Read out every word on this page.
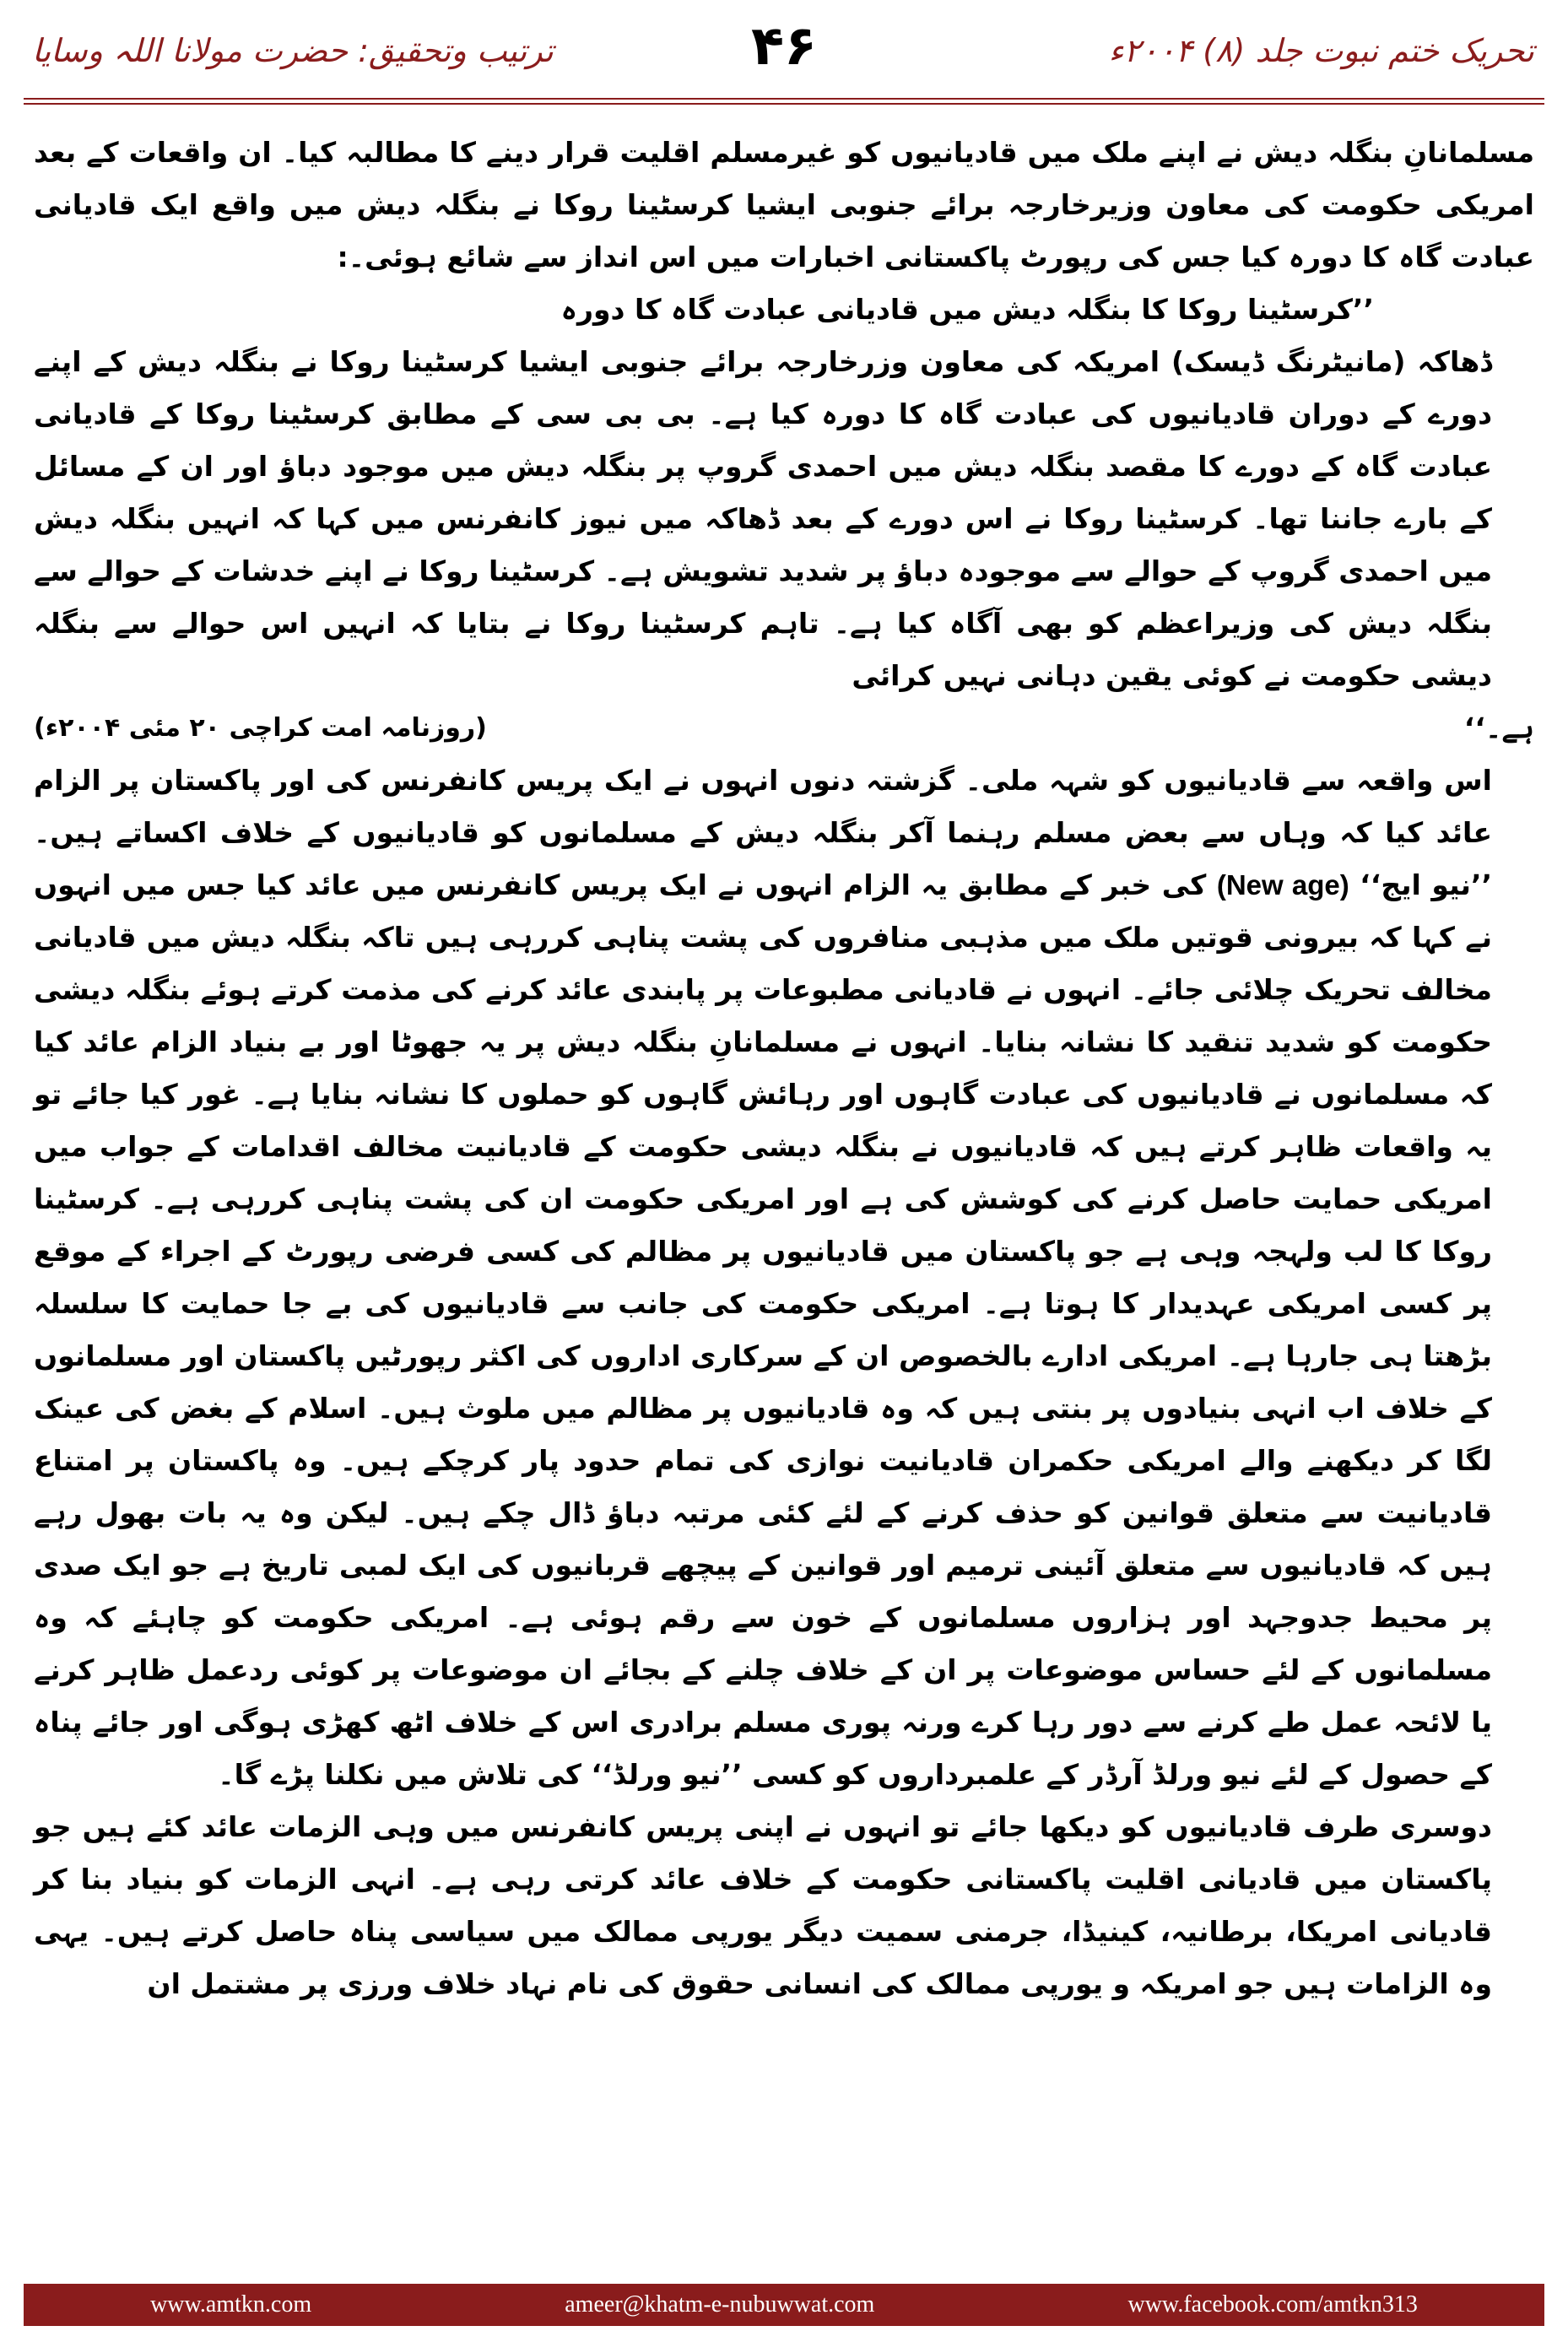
ترتیب وتحقیق: حضرت مولانا اللہ وسایا	۴۶	تحریک ختم نبوت جلد (۸) ۲۰۰۴ء

مسلمانانِ بنگلہ دیش نے اپنے ملک میں قادیانیوں کو غیرمسلم اقلیت قرار دینے کا مطالبہ کیا۔ ان واقعات کے بعد امریکی حکومت کی معاون وزیرخارجہ برائے جنوبی ایشیا کرسٹینا روکا نے بنگلہ دیش میں واقع ایک قادیانی عبادت گاہ کا دورہ کیا جس کی رپورٹ پاکستانی اخبارات میں اس انداز سے شائع ہوئی۔:

’’کرسٹینا روکا کا بنگلہ دیش میں قادیانی عبادت گاہ کا دورہ

ڈھاکہ (مانیٹرنگ ڈیسک) امریکہ کی معاون وزرخارجہ برائے جنوبی ایشیا کرسٹینا روکا نے بنگلہ دیش کے اپنے دورے کے دوران قادیانیوں کی عبادت گاہ کا دورہ کیا ہے۔ بی بی سی کے مطابق کرسٹینا روکا کے قادیانی عبادت گاہ کے دورے کا مقصد بنگلہ دیش میں احمدی گروپ پر بنگلہ دیش میں موجود دباؤ اور ان کے مسائل کے بارے جاننا تھا۔ کرسٹینا روکا نے اس دورے کے بعد ڈھاکہ میں نیوز کانفرنس میں کہا کہ انہیں بنگلہ دیش میں احمدی گروپ کے حوالے سے موجودہ دباؤ پر شدید تشویش ہے۔ کرسٹینا روکا نے اپنے خدشات کے حوالے سے بنگلہ دیش کی وزیراعظم کو بھی آگاہ کیا ہے۔ تاہم کرسٹینا روکا نے بتایا کہ انہیں اس حوالے سے بنگلہ دیشی حکومت نے کوئی یقین دہانی نہیں کرائی

ہے۔‘‘
(روزنامہ امت کراچی ۲۰ مئی ۲۰۰۴ء)

اس واقعہ سے قادیانیوں کو شہہ ملی۔ گزشتہ دنوں انہوں نے ایک پریس کانفرنس کی اور پاکستان پر الزام عائد کیا کہ وہاں سے بعض مسلم رہنما آکر بنگلہ دیش کے مسلمانوں کو قادیانیوں کے خلاف اکساتے ہیں۔ ’’نیو ایج‘‘ (New age) کی خبر کے مطابق یہ الزام انہوں نے ایک پریس کانفرنس میں عائد کیا جس میں انہوں نے کہا کہ بیرونی قوتیں ملک میں مذہبی منافروں کی پشت پناہی کررہی ہیں تاکہ بنگلہ دیش میں قادیانی مخالف تحریک چلائی جائے۔ انہوں نے قادیانی مطبوعات پر پابندی عائد کرنے کی مذمت کرتے ہوئے بنگلہ دیشی حکومت کو شدید تنقید کا نشانہ بنایا۔ انہوں نے مسلمانانِ بنگلہ دیش پر یہ جھوٹا اور بے بنیاد الزام عائد کیا کہ مسلمانوں نے قادیانیوں کی عبادت گاہوں اور رہائش گاہوں کو حملوں کا نشانہ بنایا ہے۔ غور کیا جائے تو یہ واقعات ظاہر کرتے ہیں کہ قادیانیوں نے بنگلہ دیشی حکومت کے قادیانیت مخالف اقدامات کے جواب میں امریکی حمایت حاصل کرنے کی کوشش کی ہے اور امریکی حکومت ان کی پشت پناہی کررہی ہے۔ کرسٹینا روکا کا لب ولہجہ وہی ہے جو پاکستان میں قادیانیوں پر مظالم کی کسی فرضی رپورٹ کے اجراء کے موقع پر کسی امریکی عہدیدار کا ہوتا ہے۔ امریکی حکومت کی جانب سے قادیانیوں کی بے جا حمایت کا سلسلہ بڑھتا ہی جارہا ہے۔ امریکی ادارے بالخصوص ان کے سرکاری اداروں کی اکثر رپورٹیں پاکستان اور مسلمانوں کے خلاف اب انہی بنیادوں پر بنتی ہیں کہ وہ قادیانیوں پر مظالم میں ملوث ہیں۔ اسلام کے بغض کی عینک لگا کر دیکھنے والے امریکی حکمران قادیانیت نوازی کی تمام حدود پار کرچکے ہیں۔ وہ پاکستان پر امتناع قادیانیت سے متعلق قوانین کو حذف کرنے کے لئے کئی مرتبہ دباؤ ڈال چکے ہیں۔ لیکن وہ یہ بات بھول رہے ہیں کہ قادیانیوں سے متعلق آئینی ترمیم اور قوانین کے پیچھے قربانیوں کی ایک لمبی تاریخ ہے جو ایک صدی پر محیط جدوجہد اور ہزاروں مسلمانوں کے خون سے رقم ہوئی ہے۔ امریکی حکومت کو چاہئے کہ وہ مسلمانوں کے لئے حساس موضوعات پر ان کے خلاف چلنے کے بجائے ان موضوعات پر کوئی ردعمل ظاہر کرنے یا لائحہ عمل طے کرنے سے دور رہا کرے ورنہ پوری مسلم برادری اس کے خلاف اٹھ کھڑی ہوگی اور جائے پناہ کے حصول کے لئے نیو ورلڈ آرڈر کے علمبرداروں کو کسی ’’نیو ورلڈ‘‘ کی تلاش میں نکلنا پڑے گا۔

دوسری طرف قادیانیوں کو دیکھا جائے تو انہوں نے اپنی پریس کانفرنس میں وہی الزمات عائد کئے ہیں جو پاکستان میں قادیانی اقلیت پاکستانی حکومت کے خلاف عائد کرتی رہی ہے۔ انہی الزمات کو بنیاد بنا کر قادیانی امریکا، برطانیہ، کینیڈا، جرمنی سمیت دیگر یورپی ممالک میں سیاسی پناہ حاصل کرتے ہیں۔ یہی وہ الزامات ہیں جو امریکہ و یورپی ممالک کی انسانی حقوق کی نام نہاد خلاف ورزی پر مشتمل ان

www.amtkn.com	ameer@khatm-e-nubuwwat.com	www.facebook.com/amtkn313
